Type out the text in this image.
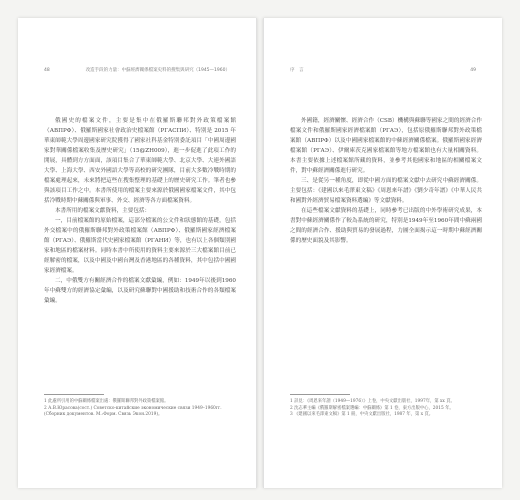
48	改造手段的力量：中蘇經濟關係檔案史料的搜集與研究（1945—1960）

俄國史的檔案文件，主要是集中在俄羅斯聯邦對外政策檔案館（АВПРФ）、俄羅斯國家社會政治史檔案館（РГАСПИ）、特別是 2015 年華東師範大學周邊國家研究院獲得了國家社科基金特別委託項目「中國周邊國家對華關係檔案收集及歷史研究」（15@ZH009），進一步促進了此項工作的開展，具體到方方面面，該項目集合了華東師範大學、北京大學、大連外國語大學、上海大學、西安外國語大學等高校的研究團隊，目前大多數冷戰時期的檔案處理起來，未來將把這些在搜集整理的基礎上的歷史研究工作。筆者也參與該項目工作之中。本書所使用的檔案主要來源於俄國國家檔案文件，其中包括冷戰時期中蘇關係與軍事、外交、經濟等各方面檔案資料。

本書所用的檔案文獻資料，主要包括：

一，目前檔案館的原始檔案，這部分檔案的公文件和狀態館的基礎，包括外交檔案中的俄羅斯聯邦對外政策檔案館（АВПРФ）、俄羅斯國家經濟檔案館（РГАЭ）、俄羅斯當代史國家檔案館（РГАНИ）等，也有以上各個類別國家和地區的檔案材料。同時本書中所使用的資料主要來源於三大檔案館目前已經解密的檔案，以及中國及中國台灣及香港地區的各種資料，其中包括中國國家經濟檔案。

二，中俄雙方有關經濟合作的檔案文獻彙編，例如：1949年以後到1960年中蘇雙方的經濟協定彙編，以及研究蘇聯對中國援助和技術合作的各類檔案彙編。

1 此處所引用的中蘇關係檔案出處：俄羅斯聯邦對外政策檔案館。

2 А.В.Юрасова(сост.) Советско-китайские экономические связи 1949–1960гг. (Сборник документов. М.:Форм. Связь Экон.2019)。

序　言	49

外國籍，經濟關懷、經濟合作（CSB）機構與蘇聯等國家之間的經濟合作檔案文件和俄羅斯國家經濟檔案館（РГАЭ），包括原俄羅斯聯邦對外政策檔案館（АВПРФ）以及中國國家檔案館的中蘇經濟關係檔案。俄羅斯國家經濟檔案館（РГАЭ）、伊爾庫茨克國家檔案館等地方檔案館也有大量相關資料。本書主要依據上述檔案館所藏的資料，並參考其他國家和地區的相關檔案文件，對中蘇經濟關係進行研究。

三、是從另一種角度，即從中國方面的檔案文獻中去研究中蘇經濟關係。主要包括：《建國以來毛澤東文稿》《周恩來年譜》《劉少奇年譜》《中華人民共和國對外經濟貿易檔案資料選編》等文獻資料。

在這些檔案文獻資料的基礎上，同時參考已出版的中外學術研究成果，本書對中蘇經濟關係作了較為系統的研究，特別是1949年至1960年間中蘇兩國之間的經濟合作、援助與貿易的發展過程，力圖全面揭示這一時期中蘇經濟關係的歷史面貌及其影響。

1 詳見：《周恩來年譜（1949—1976）》上卷，中央文獻出版社，1997年，第 xx 頁。

2 沈志華主編《俄羅斯解密檔案選編：中蘇關係》第 1 卷，東方出版中心，2015 年。

3 《建國以來毛澤東文稿》第 1 冊，中央文獻出版社，1987 年，第 x 頁。
